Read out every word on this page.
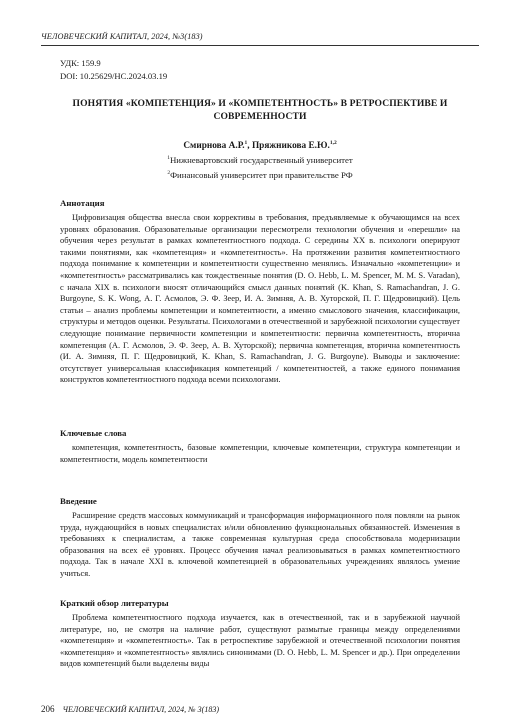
ЧЕЛОВЕЧЕСКИЙ КАПИТАЛ, 2024, №3(183)
УДК: 159.9
DOI: 10.25629/HC.2024.03.19
ПОНЯТИЯ «КОМПЕТЕНЦИЯ» И «КОМПЕТЕНТНОСТЬ» В РЕТРОСПЕКТИВЕ И
СОВРЕМЕННОСТИ
Смирнова А.Р.$^1$, Пряжникова Е.Ю.$^{1,2}$
$^1$Нижневартовский государственный университет
$^2$Финансовый университет при правительстве РФ
Аннотация
Цифровизация общества внесла свои коррективы в требования, предъявляемые к обучающимся на всех уровнях образования. Образовательные организации пересмотрели технологии обучения и «перешли» на обучения через результат в рамках компетентностного подхода. С середины XX в. психологи оперируют такими понятиями, как «компетенция» и «компетентность». На протяжении развития компетентностного подхода понимание к компетенции и компетентности существенно менялись. Изначально «компетенции» и «компетентность» рассматривались как тождественные понятия (D. O. Hebb, L. M. Spencer, M. M. S. Varadan), с начала XIX в. психологи вносят отличающийся смысл данных понятий (K. Khan, S. Ramachandran, J. G. Burgoyne, S. K. Wong, А. Г. Асмолов, Э. Ф. Зеер, И. А. Зимняя, А. В. Хуторской, П. Г. Щедровицкий). Цель статьи – анализ проблемы компетенции и компетентности, а именно смыслового значения, классификации, структуры и методов оценки. Результаты. Психологами в отечественной и зарубежной психологии существует следующие понимание первичности компетенции и компетентности: первична компетентность, вторична компетенция (А. Г. Асмолов, Э. Ф. Зеер, А. В. Хуторской); первична компетенция, вторична компетентность (И. А. Зимняя, П. Г. Щедровицкий, K. Khan, S. Ramachandran, J. G. Burgoyne). Выводы и заключение: отсутствует универсальная классификация компетенций / компетентностей, а также единого понимания конструктов компетентностного подхода всеми психологами.
Ключевые слова
компетенция, компетентность, базовые компетенции, ключевые компетенции, структура компетенции и компетентности, модель компетентности
Введение
Расширение средств массовых коммуникаций и трансформация информационного поля повляли на рынок труда, нуждающийся в новых специалистах и/или обновлению функциональных обязанностей. Изменения в требованиях к специалистам, а также современная культурная среда способствовала модернизации образования на всех её уровнях. Процесс обучения начал реализовываться в рамках компетентностного подхода. Так в начале XXI в. ключевой компетенцией в образовательных учреждениях являлось умение учиться.
Краткий обзор литературы
Проблема компетентностного подхода изучается, как в отечественной, так и в зарубежной научной литературе, но, не смотря на наличие работ, существуют размытые границы между определениями «компетенция» и «компетентность». Так в ретроспективе зарубежной и отечественной психологии понятия «компетенция» и «компетентность» являлись синонимами (D. O. Hebb, L. M. Spencer и др.). При определении видов компетенций были выделены виды
206 ЧЕЛОВЕЧЕСКИЙ КАПИТАЛ, 2024, № 3(183)
